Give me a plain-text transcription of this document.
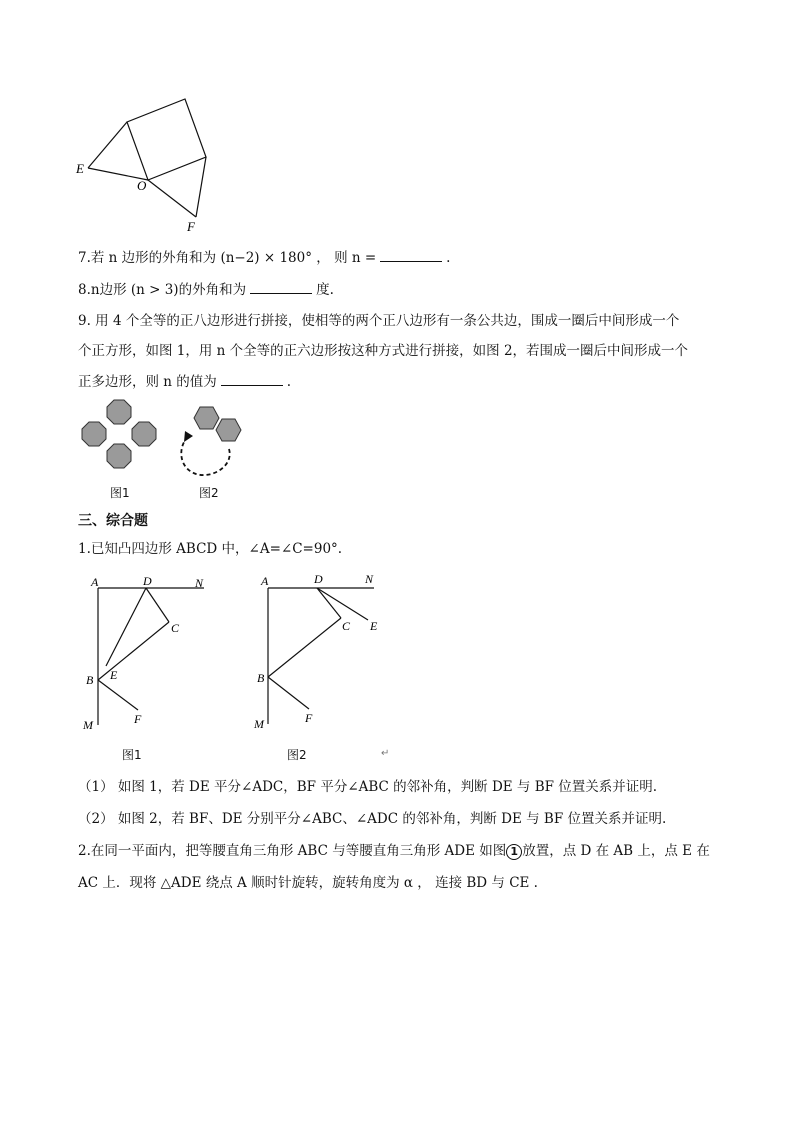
E
O
F
7.若 n 边形的外角和为 (n−2) × 180° ， 则 n =	.
8.n边形 (n > 3)的外角和为	度.
9. 用 4 个全等的正八边形进行拼接，使相等的两个正八边形有一条公共边，围成一圈后中间形成一个
个正方形，如图 1，用 n 个全等的正六边形按这种方式进行拼接，如图 2，若围成一圈后中间形成一个
正多边形，则 n 的值为	.
图1	图2
三、综合题
1.已知凸四边形 ABCD 中，∠A=∠C=90°.
A	D	N
C
B E
M	F
图1
A	D	N
C E
B
M	F
图2	↵
（1） 如图 1，若 DE 平分∠ADC，BF 平分∠ABC 的邻补角，判断 DE 与 BF 位置关系并证明.
（2） 如图 2，若 BF、DE 分别平分∠ABC、∠ADC 的邻补角，判断 DE 与 BF 位置关系并证明.
2.在同一平面内，把等腰直角三角形 ABC 与等腰直角三角形 ADE 如图 1 放置，点 D 在 AB 上，点 E 在
AC 上．现将 △ADE 绕点 A 顺时针旋转，旋转角度为 α ， 连接 BD 与 CE .
